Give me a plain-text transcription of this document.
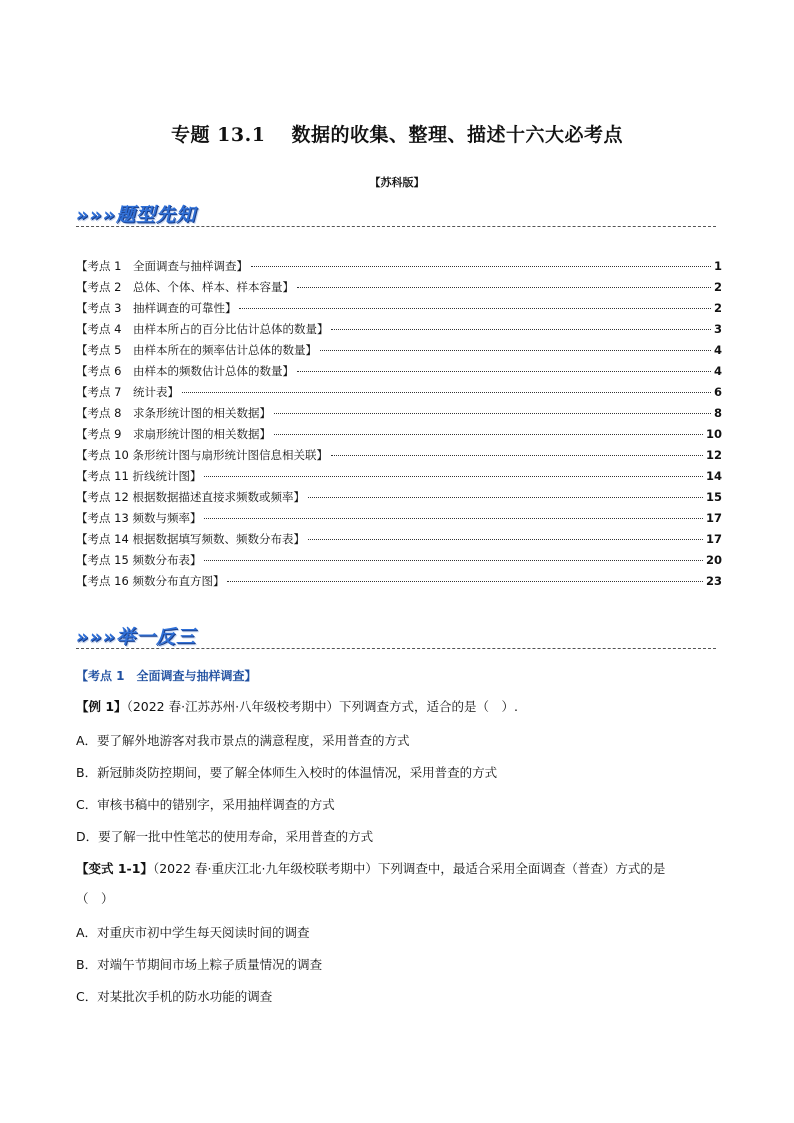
专题 13.1 数据的收集、整理、描述十六大必考点
【苏科版】
»»»题型先知
【考点 1　全面调查与抽样调查】	1
【考点 2　总体、个体、样本、样本容量】	2
【考点 3　抽样调查的可靠性】	2
【考点 4　由样本所占的百分比估计总体的数量】	3
【考点 5　由样本所在的频率估计总体的数量】	4
【考点 6　由样本的频数估计总体的数量】	4
【考点 7　统计表】	6
【考点 8　求条形统计图的相关数据】	8
【考点 9　求扇形统计图的相关数据】	10
【考点 10 条形统计图与扇形统计图信息相关联】	12
【考点 11 折线统计图】	14
【考点 12 根据数据描述直接求频数或频率】	15
【考点 13 频数与频率】	17
【考点 14 根据数据填写频数、频数分布表】	17
【考点 15 频数分布表】	20
【考点 16 频数分布直方图】	23
»»»举一反三
【考点 1　全面调查与抽样调查】
【例 1】（2022 春·江苏苏州·八年级校考期中）下列调查方式，适合的是（　）.
A．要了解外地游客对我市景点的满意程度，采用普查的方式
B．新冠肺炎防控期间，要了解全体师生入校时的体温情况，采用普查的方式
C．审核书稿中的错别字，采用抽样调查的方式
D．要了解一批中性笔芯的使用寿命，采用普查的方式
【变式 1-1】（2022 春·重庆江北·九年级校联考期中）下列调查中，最适合采用全面调查（普查）方式的是
（　）
A．对重庆市初中学生每天阅读时间的调查
B．对端午节期间市场上粽子质量情况的调查
C．对某批次手机的防水功能的调查
